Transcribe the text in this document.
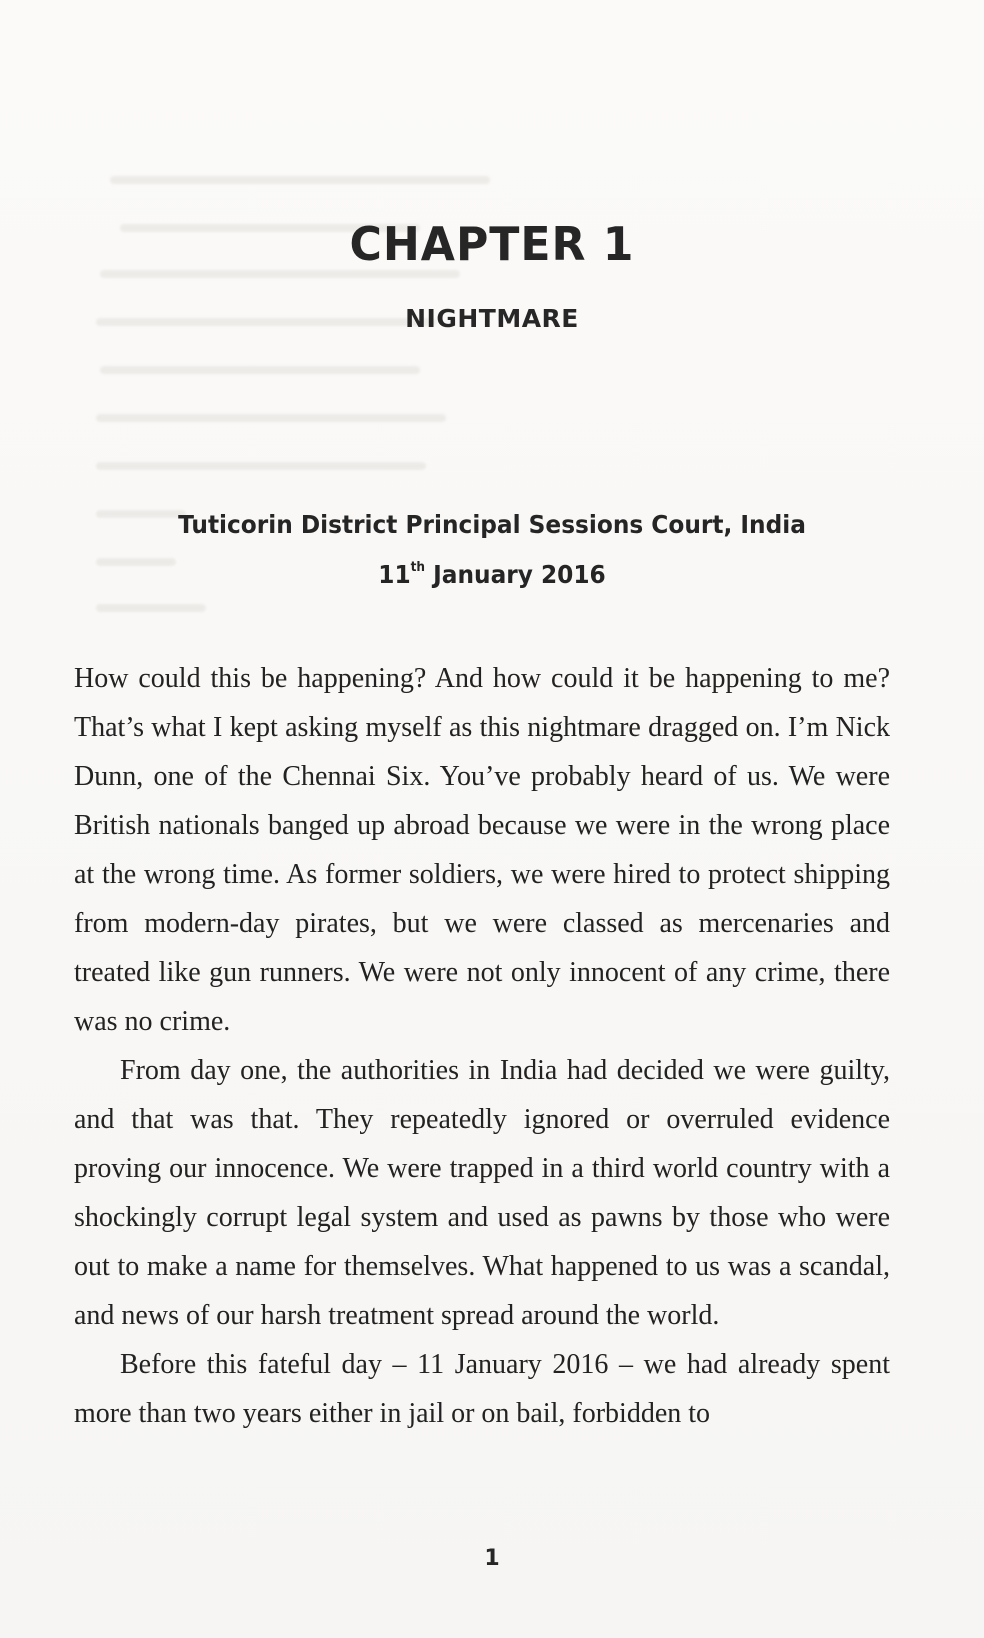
CHAPTER 1
NIGHTMARE
Tuticorin District Principal Sessions Court, India
11th January 2016

How could this be happening? And how could it be happening to me? That’s what I kept asking myself as this nightmare dragged on. I’m Nick Dunn, one of the Chennai Six. You’ve probably heard of us. We were British nationals banged up abroad because we were in the wrong place at the wrong time. As former soldiers, we were hired to protect shipping from modern-day pirates, but we were classed as mercenaries and treated like gun runners. We were not only innocent of any crime, there was no crime.

From day one, the authorities in India had decided we were guilty, and that was that. They repeatedly ignored or overruled evidence proving our innocence. We were trapped in a third world country with a shockingly corrupt legal system and used as pawns by those who were out to make a name for themselves. What happened to us was a scandal, and news of our harsh treatment spread around the world.

Before this fateful day – 11 January 2016 – we had already spent more than two years either in jail or on bail, forbidden to

1
